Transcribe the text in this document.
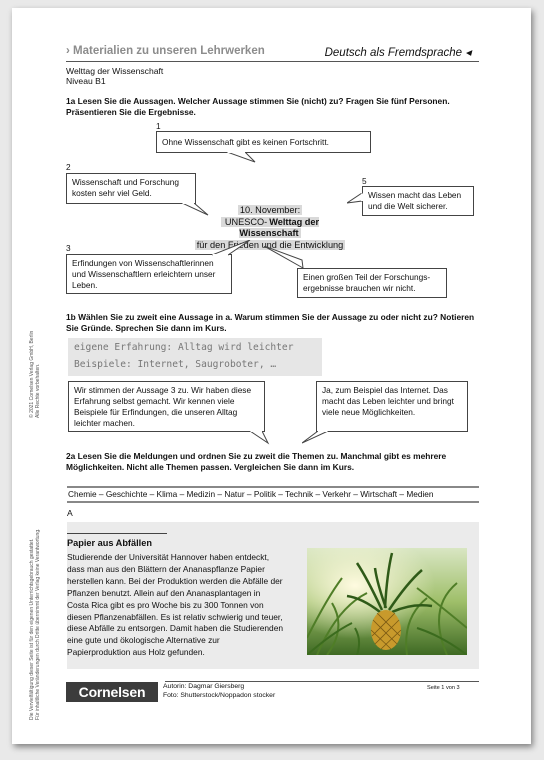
› Materialien zu unseren Lehrwerken	Deutsch als Fremdsprache ◂
Welttag der Wissenschaft
Niveau B1
1a Lesen Sie die Aussagen. Welcher Aussage stimmen Sie (nicht) zu? Fragen Sie fünf Personen. Präsentieren Sie die Ergebnisse.
1
Ohne Wissenschaft gibt es keinen Fortschritt.
2
Wissenschaft und Forschung kosten sehr viel Geld.
5
Wissen macht das Leben und die Welt sicherer.
10. November:
UNESCO- Welttag der Wissenschaft
für den Frieden und die Entwicklung
3
Erfindungen von Wissenschaftlerinnen und Wissenschaftlern erleichtern unser Leben.
Einen großen Teil der Forschungs-ergebnisse brauchen wir nicht.
1b Wählen Sie zu zweit eine Aussage in a. Warum stimmen Sie der Aussage zu oder nicht zu? Notieren Sie Gründe. Sprechen Sie dann im Kurs.
eigene Erfahrung: Alltag wird leichter
Beispiele: Internet, Saugroboter, …
Wir stimmen der Aussage 3 zu. Wir haben diese Erfahrung selbst gemacht. Wir kennen viele Beispiele für Erfindungen, die unseren Alltag leichter machen.
Ja, zum Beispiel das Internet. Das macht das Leben leichter und bringt viele neue Möglichkeiten.
2a Lesen Sie die Meldungen und ordnen Sie zu zweit die Themen zu. Manchmal gibt es mehrere Möglichkeiten. Nicht alle Themen passen. Vergleichen Sie dann im Kurs.
Chemie – Geschichte – Klima – Medizin – Natur – Politik – Technik – Verkehr – Wirtschaft – Medien
A
Papier aus Abfällen
Studierende der Universität Hannover haben entdeckt, dass man aus den Blättern der Ananaspflanze Papier herstellen kann. Bei der Produktion werden die Abfälle der Pflanzen benutzt. Allein auf den Ananasplantagen in Costa Rica gibt es pro Woche bis zu 300 Tonnen von diesen Pflanzenabfällen. Es ist relativ schwierig und teuer, diese Abfälle zu entsorgen. Damit haben die Studierenden eine gute und ökologische Alternative zur Papierproduktion aus Holz gefunden.
Cornelsen	Autorin: Dagmar Giersberg
Foto: Shutterstock/Noppadon stocker
Seite 1 von 3
© 2021 Cornelsen Verlag GmbH, Berlin Alle Rechte vorbehalten.
Die Vervielfältigung dieser Seite ist für den eigenen Unterrichtsgebrauch gestattet. Für inhaltliche Veränderungen durch Dritte übernimmt der Verlag keine Verantwortung.
